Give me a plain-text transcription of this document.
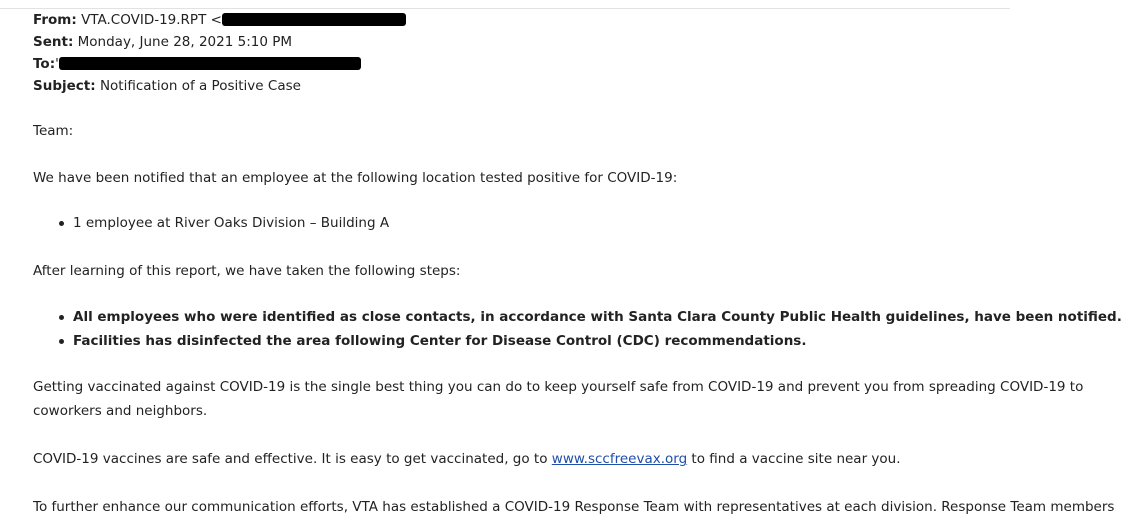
From: VTA.COVID-19.RPT <
Sent: Monday, June 28, 2021 5:10 PM
To:'
Subject: Notification of a Positive Case
Team:
We have been notified that an employee at the following location tested positive for COVID-19:
1 employee at River Oaks Division – Building A
After learning of this report, we have taken the following steps:
All employees who were identified as close contacts, in accordance with Santa Clara County Public Health guidelines, have been notified.
Facilities has disinfected the area following Center for Disease Control (CDC) recommendations.
Getting vaccinated against COVID-19 is the single best thing you can do to keep yourself safe from COVID-19 and prevent you from spreading COVID-19 to
coworkers and neighbors.
COVID-19 vaccines are safe and effective. It is easy to get vaccinated, go to www.sccfreevax.org to find a vaccine site near you.
To further enhance our communication efforts, VTA has established a COVID-19 Response Team with representatives at each division. Response Team members
